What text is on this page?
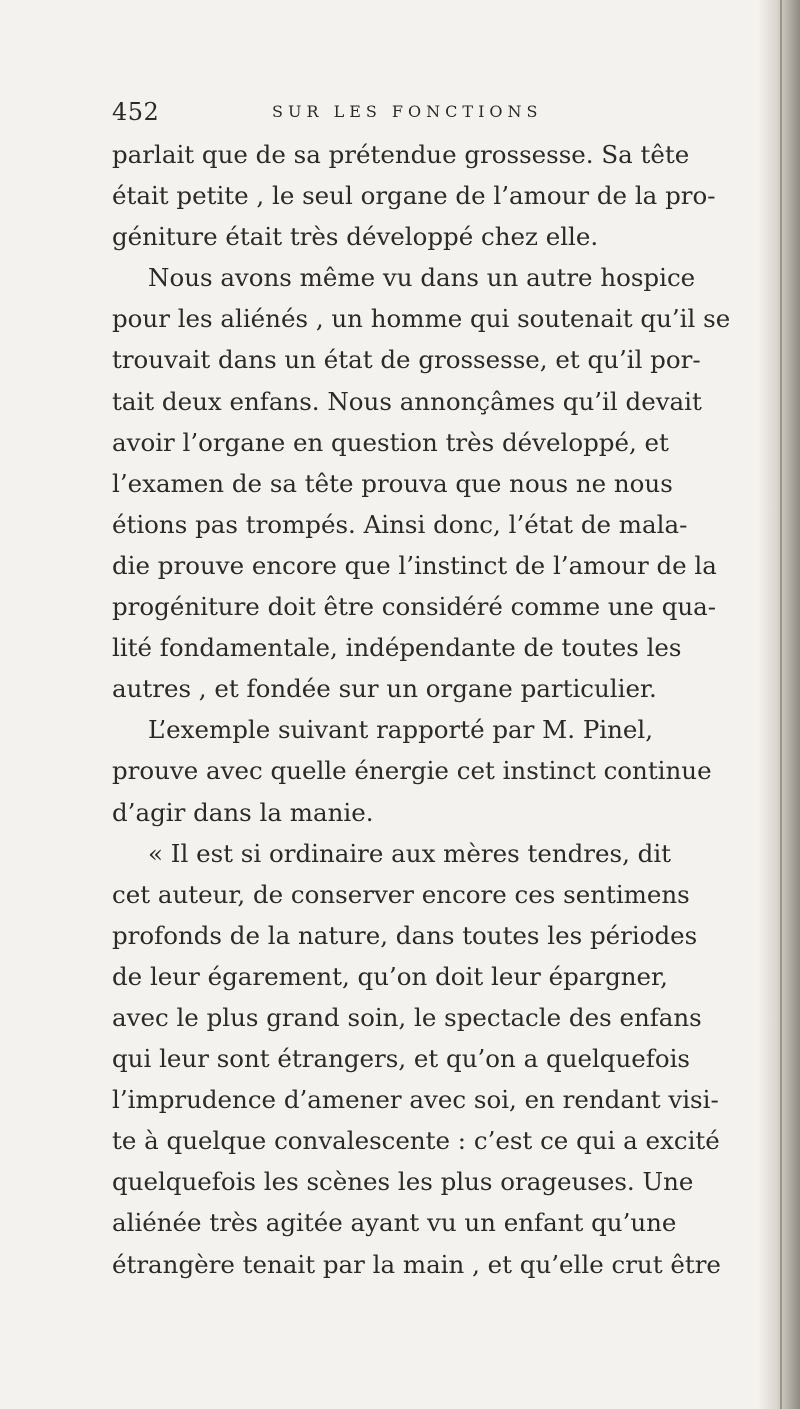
452	SUR LES FONCTIONS
parlait que de sa prétendue grossesse. Sa tête
était petite , le seul organe de l’amour de la pro-
géniture était très développé chez elle.
Nous avons même vu dans un autre hospice
pour les aliénés , un homme qui soutenait qu’il se
trouvait dans un état de grossesse, et qu’il por-
tait deux enfans. Nous annonçâmes qu’il devait
avoir l’organe en question très développé, et
l’examen de sa tête prouva que nous ne nous
étions pas trompés. Ainsi donc, l’état de mala-
die prouve encore que l’instinct de l’amour de la
progéniture doit être considéré comme une qua-
lité fondamentale, indépendante de toutes les
autres , et fondée sur un organe particulier.
L’exemple suivant rapporté par M. Pinel,
prouve avec quelle énergie cet instinct continue
d’agir dans la manie.
« Il est si ordinaire aux mères tendres, dit
cet auteur, de conserver encore ces sentimens
profonds de la nature, dans toutes les périodes
de leur égarement, qu’on doit leur épargner,
avec le plus grand soin, le spectacle des enfans
qui leur sont étrangers, et qu’on a quelquefois
l’imprudence d’amener avec soi, en rendant visi-
te à quelque convalescente : c’est ce qui a excité
quelquefois les scènes les plus orageuses. Une
aliénée très agitée ayant vu un enfant qu’une
étrangère tenait par la main , et qu’elle crut être
